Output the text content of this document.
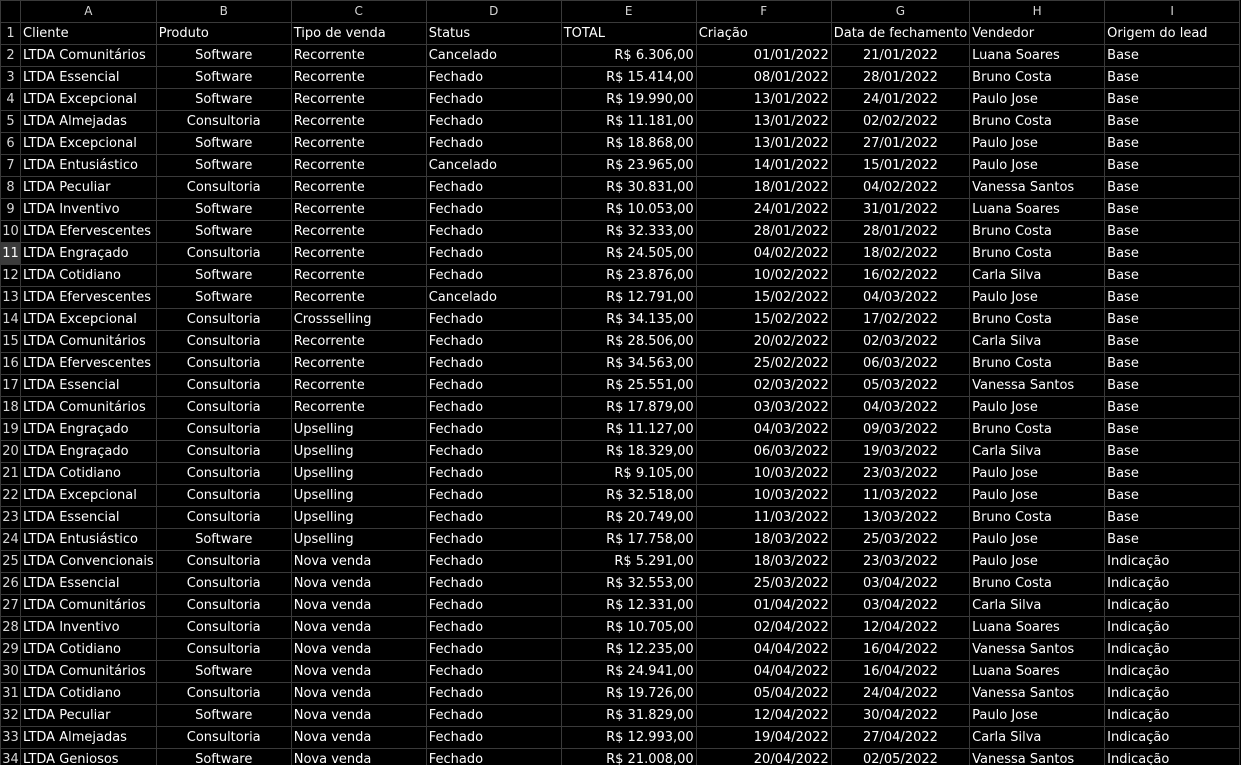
	A	B	C	D	E	F	G	H	I
1	Cliente	Produto	Tipo de venda	Status	TOTAL	Criação	Data de fechamento	Vendedor	Origem do lead
2	LTDA Comunitários	Software	Recorrente	Cancelado	R$ 6.306,00	01/01/2022	21/01/2022	Luana Soares	Base
3	LTDA Essencial	Software	Recorrente	Fechado	R$ 15.414,00	08/01/2022	28/01/2022	Bruno Costa	Base
4	LTDA Excepcional	Software	Recorrente	Fechado	R$ 19.990,00	13/01/2022	24/01/2022	Paulo Jose	Base
5	LTDA Almejadas	Consultoria	Recorrente	Fechado	R$ 11.181,00	13/01/2022	02/02/2022	Bruno Costa	Base
6	LTDA Excepcional	Software	Recorrente	Fechado	R$ 18.868,00	13/01/2022	27/01/2022	Paulo Jose	Base
7	LTDA Entusiástico	Software	Recorrente	Cancelado	R$ 23.965,00	14/01/2022	15/01/2022	Paulo Jose	Base
8	LTDA Peculiar	Consultoria	Recorrente	Fechado	R$ 30.831,00	18/01/2022	04/02/2022	Vanessa Santos	Base
9	LTDA Inventivo	Software	Recorrente	Fechado	R$ 10.053,00	24/01/2022	31/01/2022	Luana Soares	Base
10	LTDA Efervescentes	Software	Recorrente	Fechado	R$ 32.333,00	28/01/2022	28/01/2022	Bruno Costa	Base
11	LTDA Engraçado	Consultoria	Recorrente	Fechado	R$ 24.505,00	04/02/2022	18/02/2022	Bruno Costa	Base
12	LTDA Cotidiano	Software	Recorrente	Fechado	R$ 23.876,00	10/02/2022	16/02/2022	Carla Silva	Base
13	LTDA Efervescentes	Software	Recorrente	Cancelado	R$ 12.791,00	15/02/2022	04/03/2022	Paulo Jose	Base
14	LTDA Excepcional	Consultoria	Crossselling	Fechado	R$ 34.135,00	15/02/2022	17/02/2022	Bruno Costa	Base
15	LTDA Comunitários	Consultoria	Recorrente	Fechado	R$ 28.506,00	20/02/2022	02/03/2022	Carla Silva	Base
16	LTDA Efervescentes	Consultoria	Recorrente	Fechado	R$ 34.563,00	25/02/2022	06/03/2022	Bruno Costa	Base
17	LTDA Essencial	Consultoria	Recorrente	Fechado	R$ 25.551,00	02/03/2022	05/03/2022	Vanessa Santos	Base
18	LTDA Comunitários	Consultoria	Recorrente	Fechado	R$ 17.879,00	03/03/2022	04/03/2022	Paulo Jose	Base
19	LTDA Engraçado	Consultoria	Upselling	Fechado	R$ 11.127,00	04/03/2022	09/03/2022	Bruno Costa	Base
20	LTDA Engraçado	Consultoria	Upselling	Fechado	R$ 18.329,00	06/03/2022	19/03/2022	Carla Silva	Base
21	LTDA Cotidiano	Consultoria	Upselling	Fechado	R$ 9.105,00	10/03/2022	23/03/2022	Paulo Jose	Base
22	LTDA Excepcional	Consultoria	Upselling	Fechado	R$ 32.518,00	10/03/2022	11/03/2022	Paulo Jose	Base
23	LTDA Essencial	Consultoria	Upselling	Fechado	R$ 20.749,00	11/03/2022	13/03/2022	Bruno Costa	Base
24	LTDA Entusiástico	Software	Upselling	Fechado	R$ 17.758,00	18/03/2022	25/03/2022	Paulo Jose	Base
25	LTDA Convencionais	Consultoria	Nova venda	Fechado	R$ 5.291,00	18/03/2022	23/03/2022	Paulo Jose	Indicação
26	LTDA Essencial	Consultoria	Nova venda	Fechado	R$ 32.553,00	25/03/2022	03/04/2022	Bruno Costa	Indicação
27	LTDA Comunitários	Consultoria	Nova venda	Fechado	R$ 12.331,00	01/04/2022	03/04/2022	Carla Silva	Indicação
28	LTDA Inventivo	Consultoria	Nova venda	Fechado	R$ 10.705,00	02/04/2022	12/04/2022	Luana Soares	Indicação
29	LTDA Cotidiano	Consultoria	Nova venda	Fechado	R$ 12.235,00	04/04/2022	16/04/2022	Vanessa Santos	Indicação
30	LTDA Comunitários	Software	Nova venda	Fechado	R$ 24.941,00	04/04/2022	16/04/2022	Luana Soares	Indicação
31	LTDA Cotidiano	Consultoria	Nova venda	Fechado	R$ 19.726,00	05/04/2022	24/04/2022	Vanessa Santos	Indicação
32	LTDA Peculiar	Software	Nova venda	Fechado	R$ 31.829,00	12/04/2022	30/04/2022	Paulo Jose	Indicação
33	LTDA Almejadas	Consultoria	Nova venda	Fechado	R$ 12.993,00	19/04/2022	27/04/2022	Carla Silva	Indicação
34	LTDA Geniosos	Software	Nova venda	Fechado	R$ 21.008,00	20/04/2022	02/05/2022	Vanessa Santos	Indicação
